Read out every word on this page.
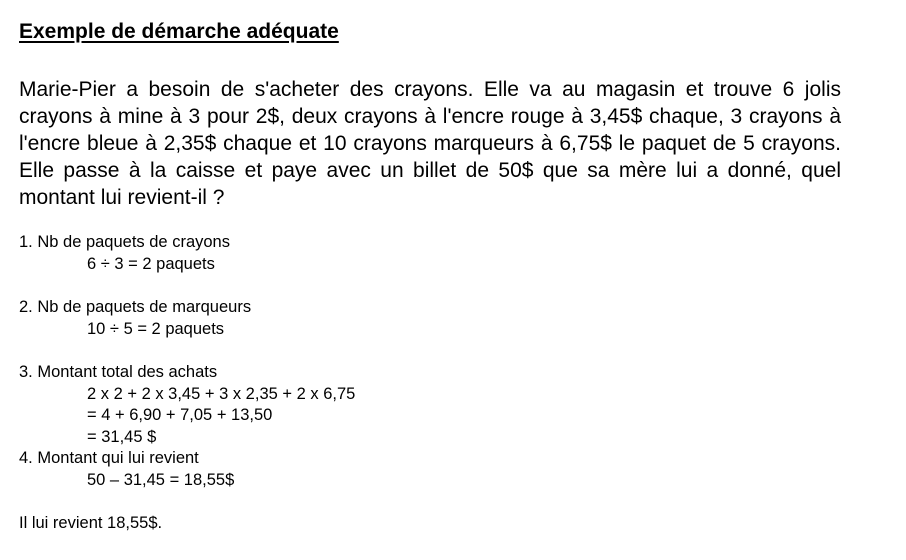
Exemple de démarche adéquate

Marie-Pier a besoin de s'acheter des crayons. Elle va au magasin et trouve 6 jolis crayons à mine à 3 pour 2$, deux crayons à l'encre rouge à 3,45$ chaque, 3 crayons à l'encre bleue à 2,35$ chaque et 10 crayons marqueurs à 6,75$ le paquet de 5 crayons. Elle passe à la caisse et paye avec un billet de 50$ que sa mère lui a donné, quel montant lui revient-il ?

1. Nb de paquets de crayons
6 ÷ 3 = 2 paquets
2. Nb de paquets de marqueurs
10 ÷ 5 = 2 paquets
3. Montant total des achats
2 x 2 + 2 x 3,45 + 3 x 2,35 + 2 x 6,75
= 4 + 6,90 + 7,05 + 13,50
= 31,45 $
4. Montant qui lui revient
50 – 31,45 = 18,55$

Il lui revient 18,55$.
